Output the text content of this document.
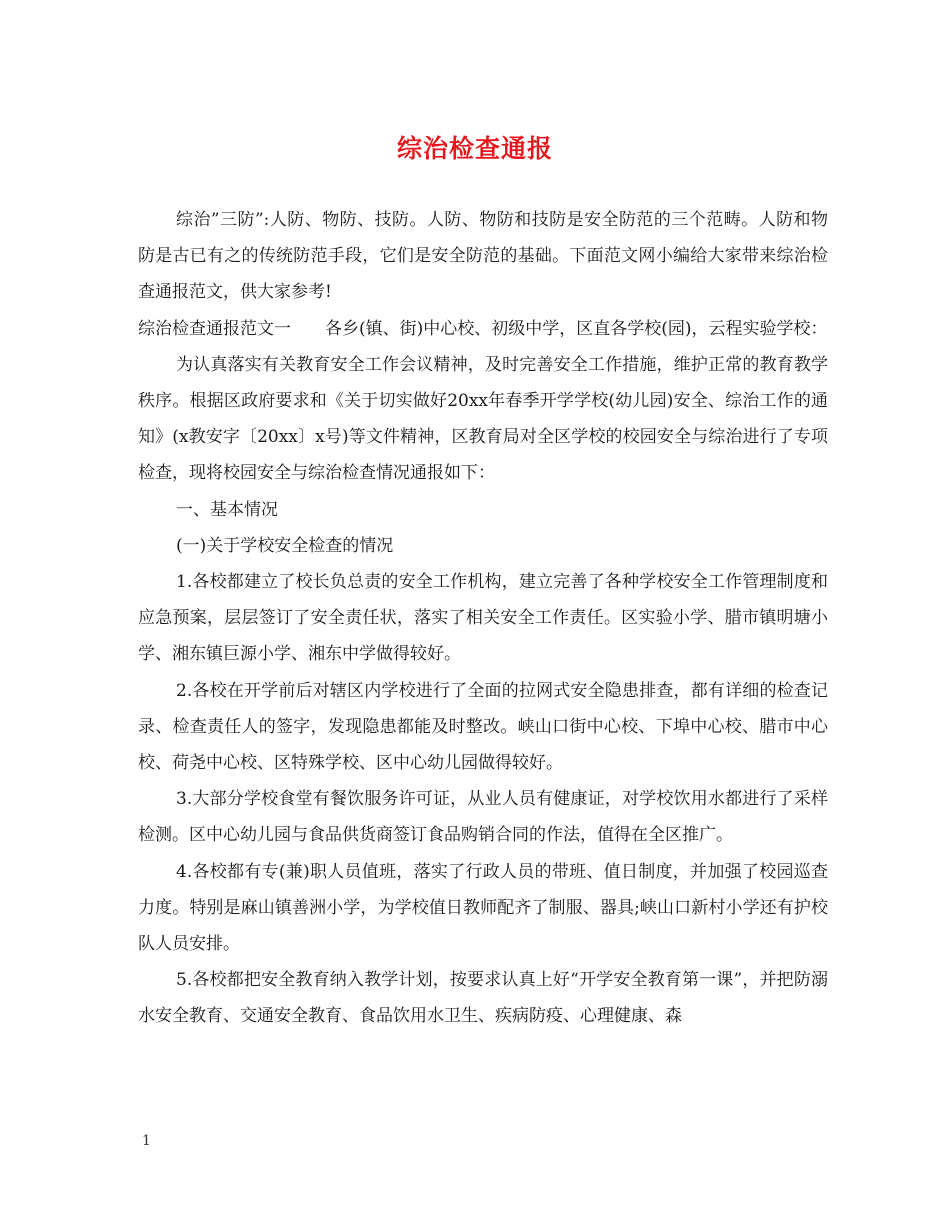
综治检查通报

综治”三防”:人防、物防、技防。人防、物防和技防是安全防范的三个范畴。人防和物防是古已有之的传统防范手段，它们是安全防范的基础。下面范文网小编给大家带来综治检查通报范文，供大家参考!

综治检查通报范文一　　各乡(镇、街)中心校、初级中学，区直各学校(园)，云程实验学校：

为认真落实有关教育安全工作会议精神，及时完善安全工作措施，维护正常的教育教学秩序。根据区政府要求和《关于切实做好20xx年春季开学学校(幼儿园)安全、综治工作的通知》(x教安字〔20xx〕x号)等文件精神，区教育局对全区学校的校园安全与综治进行了专项检查，现将校园安全与综治检查情况通报如下：

一、基本情况

(一)关于学校安全检查的情况

1.各校都建立了校长负总责的安全工作机构，建立完善了各种学校安全工作管理制度和应急预案，层层签订了安全责任状，落实了相关安全工作责任。区实验小学、腊市镇明塘小学、湘东镇巨源小学、湘东中学做得较好。

2.各校在开学前后对辖区内学校进行了全面的拉网式安全隐患排查，都有详细的检查记录、检查责任人的签字，发现隐患都能及时整改。峡山口街中心校、下埠中心校、腊市中心校、荷尧中心校、区特殊学校、区中心幼儿园做得较好。

3.大部分学校食堂有餐饮服务许可证，从业人员有健康证，对学校饮用水都进行了采样检测。区中心幼儿园与食品供货商签订食品购销合同的作法，值得在全区推广。

4.各校都有专(兼)职人员值班，落实了行政人员的带班、值日制度，并加强了校园巡查力度。特别是麻山镇善洲小学，为学校值日教师配齐了制服、器具;峡山口新村小学还有护校队人员安排。

5.各校都把安全教育纳入教学计划，按要求认真上好“开学安全教育第一课”，并把防溺水安全教育、交通安全教育、食品饮用水卫生、疾病防疫、心理健康、森

1
